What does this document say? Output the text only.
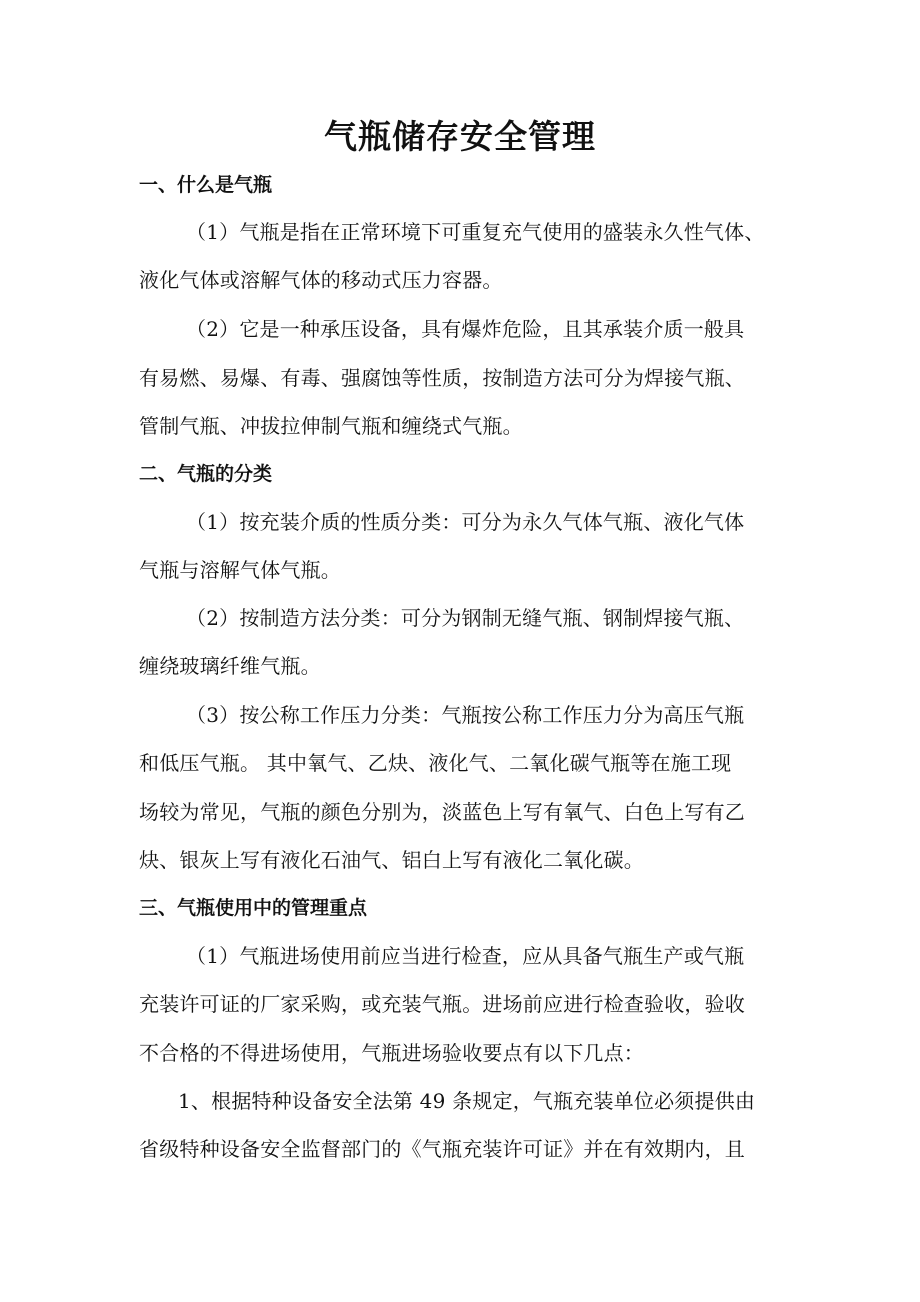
气瓶储存安全管理
一、什么是气瓶
（1）气瓶是指在正常环境下可重复充气使用的盛装永久性气体、
液化气体或溶解气体的移动式压力容器。
（2）它是一种承压设备，具有爆炸危险，且其承装介质一般具
有易燃、易爆、有毒、强腐蚀等性质，按制造方法可分为焊接气瓶、
管制气瓶、冲拔拉伸制气瓶和缠绕式气瓶。
二、气瓶的分类
（1）按充装介质的性质分类：可分为永久气体气瓶、液化气体
气瓶与溶解气体气瓶。
（2）按制造方法分类：可分为钢制无缝气瓶、钢制焊接气瓶、
缠绕玻璃纤维气瓶。
（3）按公称工作压力分类：气瓶按公称工作压力分为高压气瓶
和低压气瓶。 其中氧气、乙炔、液化气、二氧化碳气瓶等在施工现
场较为常见，气瓶的颜色分别为，淡蓝色上写有氧气、白色上写有乙
炔、银灰上写有液化石油气、铝白上写有液化二氧化碳。
三、气瓶使用中的管理重点
（1）气瓶进场使用前应当进行检查，应从具备气瓶生产或气瓶
充装许可证的厂家采购，或充装气瓶。进场前应进行检查验收，验收
不合格的不得进场使用，气瓶进场验收要点有以下几点：
1、根据特种设备安全法第 49 条规定，气瓶充装单位必须提供由
省级特种设备安全监督部门的《气瓶充装许可证》并在有效期内，且
